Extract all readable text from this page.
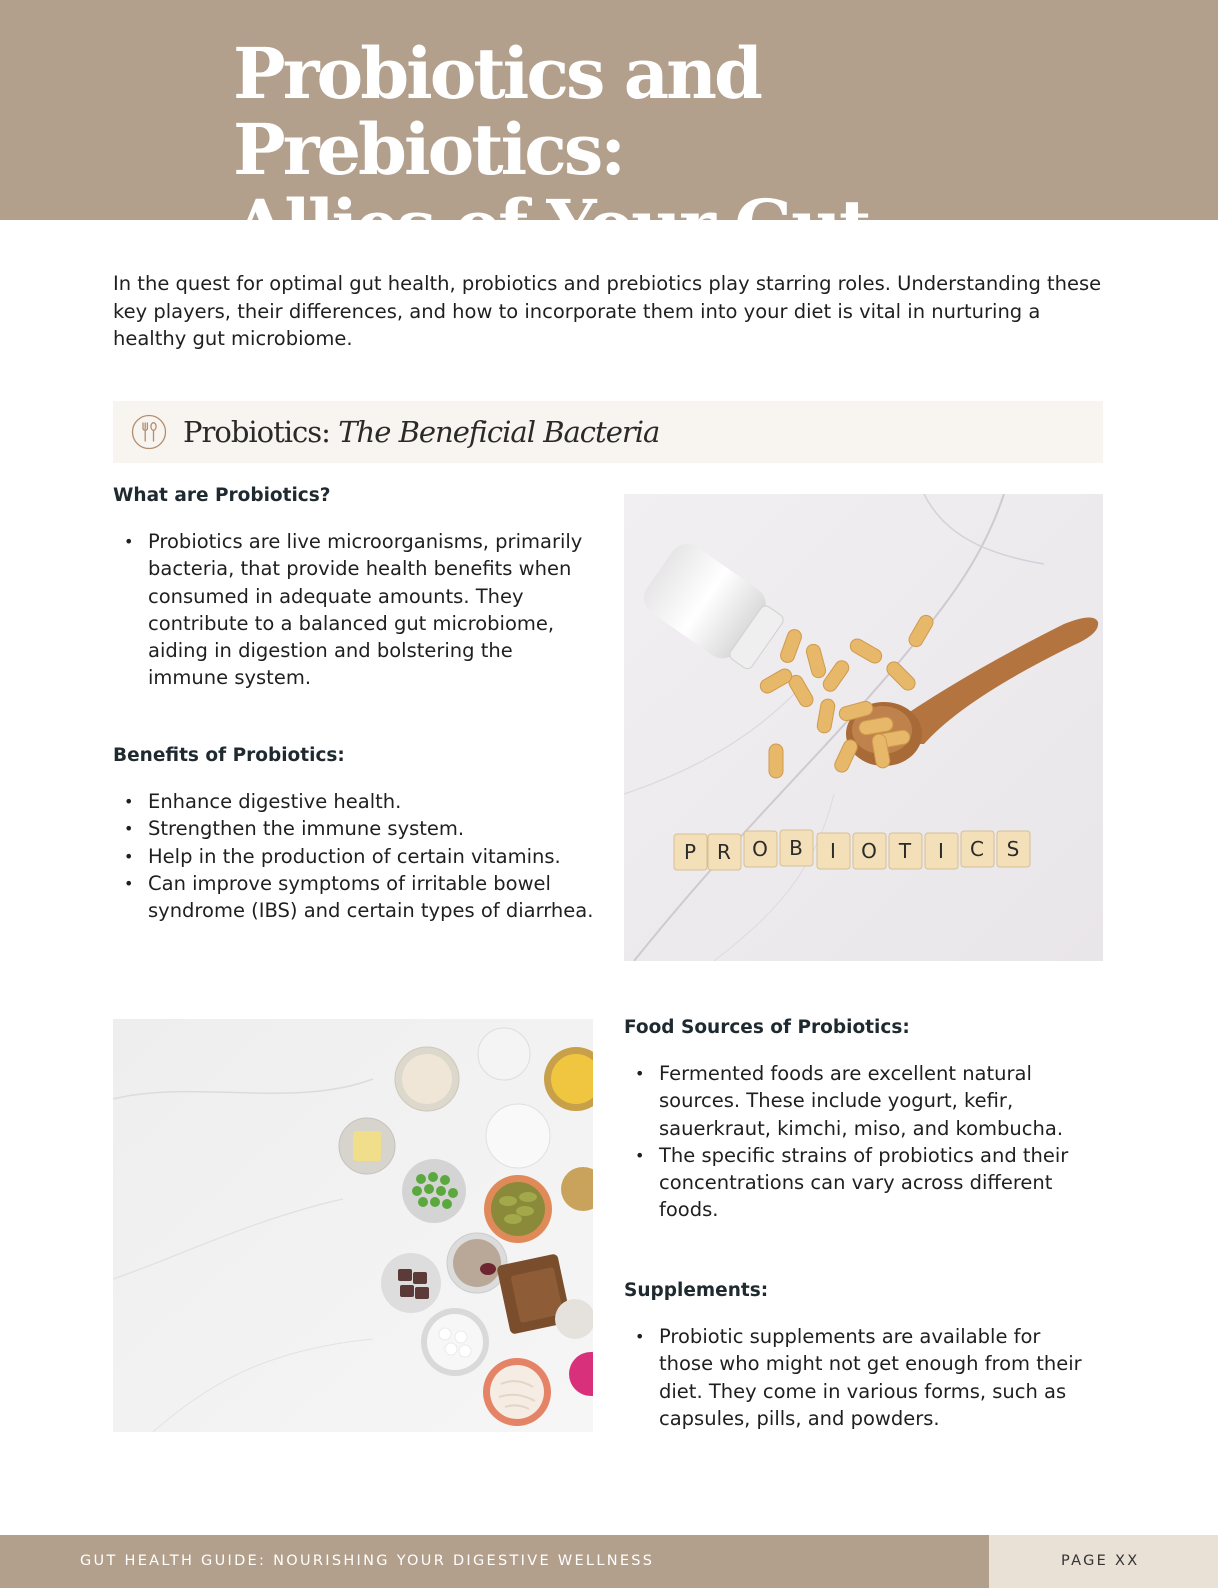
Probiotics and Prebiotics:
Allies of Your Gut

In the quest for optimal gut health, probiotics and prebiotics play starring roles. Understanding these key players, their differences, and how to incorporate them into your diet is vital in nurturing a healthy gut microbiome.

Probiotics: The Beneficial Bacteria
What are Probiotics?
• Probiotics are live microorganisms, primarily bacteria, that provide health benefits when consumed in adequate amounts. They contribute to a balanced gut microbiome, aiding in digestion and bolstering the immune system.
Benefits of Probiotics:
• Enhance digestive health.
• Strengthen the immune system.
• Help in the production of certain vitamins.
• Can improve symptoms of irritable bowel syndrome (IBS) and certain types of diarrhea.
P R O B I O T I C S
Food Sources of Probiotics:
• Fermented foods are excellent natural sources. These include yogurt, kefir, sauerkraut, kimchi, miso, and kombucha.
• The specific strains of probiotics and their concentrations can vary across different foods.
Supplements:
• Probiotic supplements are available for those who might not get enough from their diet. They come in various forms, such as capsules, pills, and powders.
GUT HEALTH GUIDE: NOURISHING YOUR DIGESTIVE WELLNESS	PAGE XX
